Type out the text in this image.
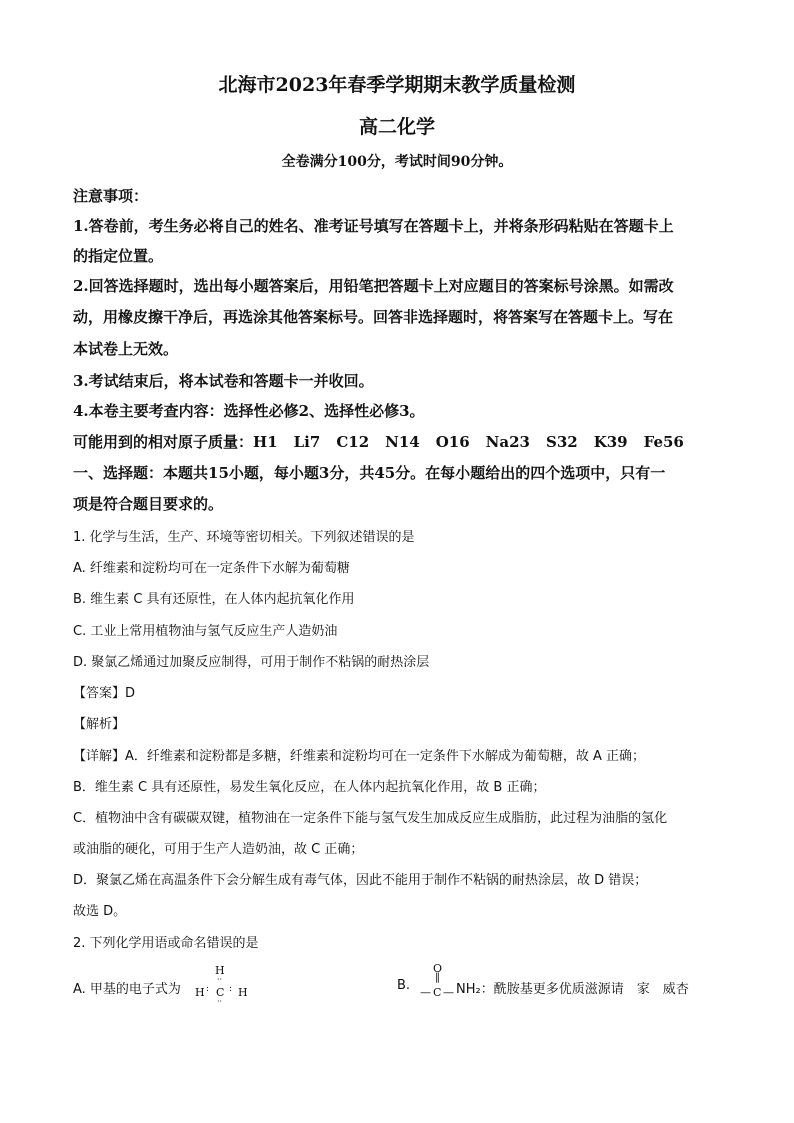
北海市2023年春季学期期末教学质量检测
高二化学
全卷满分100分，考试时间90分钟。
注意事项：
1.答卷前，考生务必将自己的姓名、准考证号填写在答题卡上，并将条形码粘贴在答题卡上
的指定位置。
2.回答选择题时，选出每小题答案后，用铅笔把答题卡上对应题目的答案标号涂黑。如需改
动，用橡皮擦干净后，再选涂其他答案标号。回答非选择题时，将答案写在答题卡上。写在
本试卷上无效。
3.考试结束后，将本试卷和答题卡一并收回。
4.本卷主要考查内容：选择性必修2、选择性必修3。
可能用到的相对原子质量：H1 Li7 C12 N14 O16 Na23 S32 K39 Fe56
一、选择题：本题共15小题，每小题3分，共45分。在每小题给出的四个选项中，只有一
项是符合题目要求的。
1. 化学与生活，生产、环境等密切相关。下列叙述错误的是
A. 纤维素和淀粉均可在一定条件下水解为葡萄糖
B. 维生素 C 具有还原性，在人体内起抗氧化作用
C. 工业上常用植物油与氢气反应生产人造奶油
D. 聚氯乙烯通过加聚反应制得，可用于制作不粘锅的耐热涂层
【答案】D
【解析】
【详解】A．纤维素和淀粉都是多糖，纤维素和淀粉均可在一定条件下水解成为葡萄糖，故 A 正确；
B．维生素 C 具有还原性，易发生氧化反应，在人体内起抗氧化作用，故 B 正确；
C．植物油中含有碳碳双键，植物油在一定条件下能与氢气发生加成反应生成脂肪，此过程为油脂的氢化
或油脂的硬化，可用于生产人造奶油，故 C 正确；
D．聚氯乙烯在高温条件下会分解生成有毒气体，因此不能用于制作不粘锅的耐热涂层，故 D 错误；
故选 D。
2. 下列化学用语或命名错误的是
A. 甲基的电子式为
H
··
H : C : H
··
B.
O
‖
— C — NH₂：酰胺基更多优质滋源请　家　威杏
